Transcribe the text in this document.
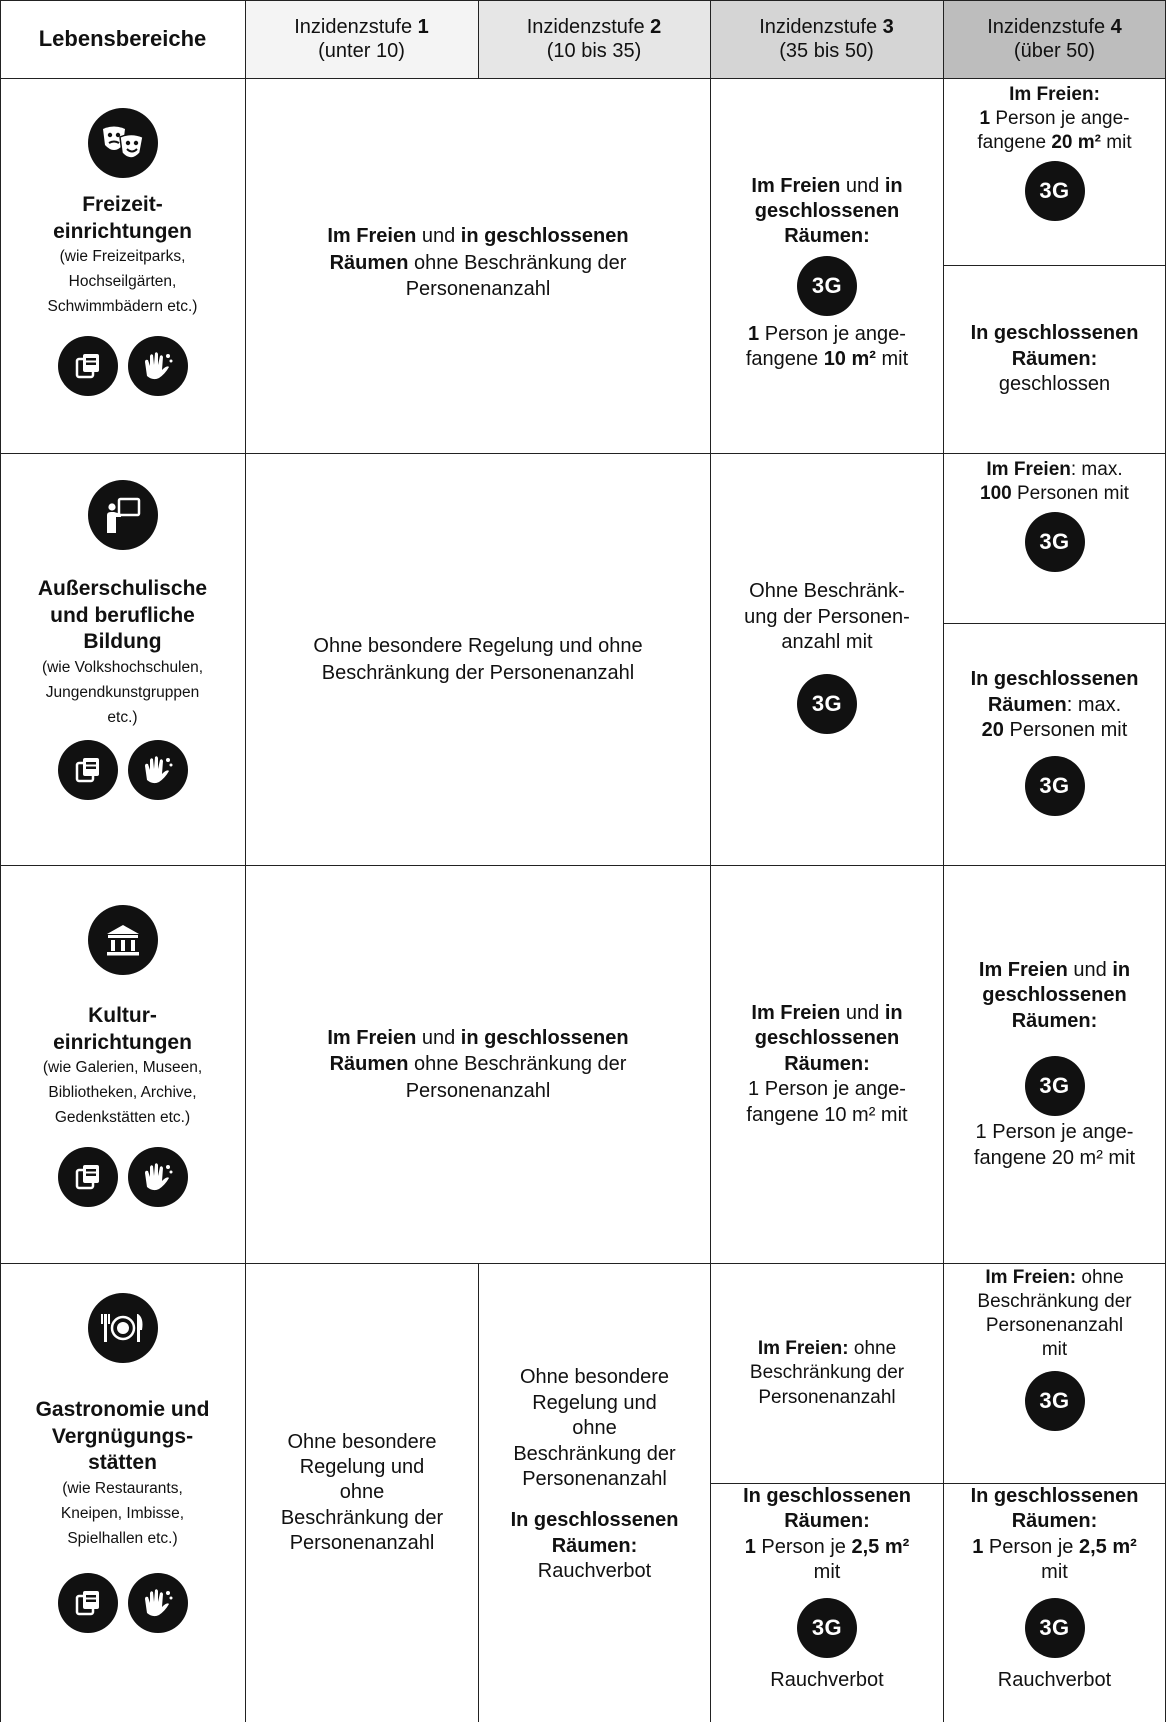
Lebensbereiche	Inzidenzstufe 1
(unter 10)
Inzidenzstufe 2
(10 bis 35)
Inzidenzstufe 3
(35 bis 50)
Inzidenzstufe 4
(über 50)
Freizeit-
einrichtungen
(wie Freizeitparks,
Hochseilgärten,
Schwimmbädern etc.)
Im Freien und in geschlossenen
Räumen ohne Beschränkung der
Personenanzahl
Im Freien und in
geschlossenen
Räumen:
3G
1 Person je ange-
fangene 10 m² mit
Im Freien:
1 Person je ange-
fangene 20 m² mit
3G
In geschlossenen
Räumen:
geschlossen
Außerschulische
und berufliche
Bildung
(wie Volkshochschulen,
Jungendkunstgruppen
etc.)
Ohne besondere Regelung und ohne
Beschränkung der Personenanzahl
Ohne Beschränk-
ung der Personen-
anzahl mit
3G
Im Freien: max.
100 Personen mit
3G
In geschlossenen
Räumen: max.
20 Personen mit
3G
Kultur-
einrichtungen
(wie Galerien, Museen,
Bibliotheken, Archive,
Gedenkstätten etc.)
Im Freien und in geschlossenen
Räumen ohne Beschränkung der
Personenanzahl
Im Freien und in
geschlossenen
Räumen:
1 Person je ange-
fangene 10 m² mit
Im Freien und in
geschlossenen
Räumen:
3G
1 Person je ange-
fangene 20 m² mit
Gastronomie und
Vergnügungs-
stätten
(wie Restaurants,
Kneipen, Imbisse,
Spielhallen etc.)
Ohne besondere
Regelung und
ohne
Beschränkung der
Personenanzahl
Ohne besondere
Regelung und
ohne
Beschränkung der
Personenanzahl
In geschlossenen
Räumen:
Rauchverbot
Im Freien: ohne
Beschränkung der
Personenanzahl
In geschlossenen
Räumen:
1 Person je 2,5 m²
mit
3G
Rauchverbot
Im Freien: ohne
Beschränkung der
Personenanzahl
mit
3G
In geschlossenen
Räumen:
1 Person je 2,5 m²
mit
3G
Rauchverbot
